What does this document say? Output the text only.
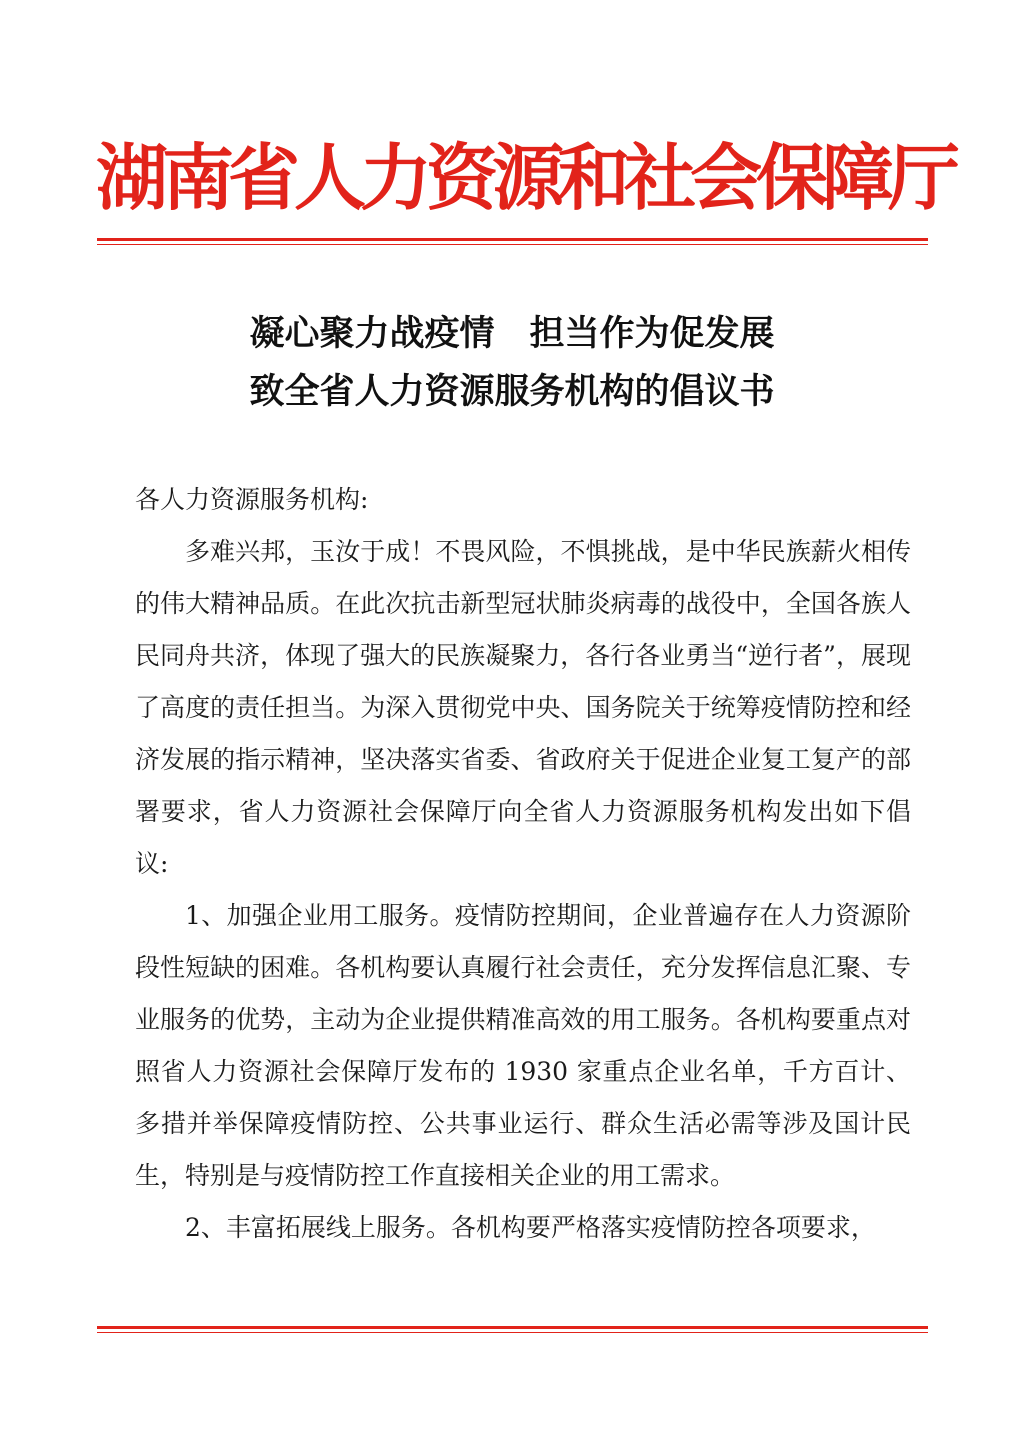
湖南省人力资源和社会保障厅
凝心聚力战疫情　担当作为促发展
致全省人力资源服务机构的倡议书

各人力资源服务机构:

多难兴邦，玉汝于成！不畏风险，不惧挑战，是中华民族薪火相传的伟大精神品质。在此次抗击新型冠状肺炎病毒的战役中，全国各族人民同舟共济，体现了强大的民族凝聚力，各行各业勇当“逆行者”，展现了高度的责任担当。为深入贯彻党中央、国务院关于统筹疫情防控和经济发展的指示精神，坚决落实省委、省政府关于促进企业复工复产的部署要求，省人力资源社会保障厅向全省人力资源服务机构发出如下倡议:

1、加强企业用工服务。疫情防控期间，企业普遍存在人力资源阶段性短缺的困难。各机构要认真履行社会责任，充分发挥信息汇聚、专业服务的优势，主动为企业提供精准高效的用工服务。各机构要重点对照省人力资源社会保障厅发布的 1930 家重点企业名单，千方百计、多措并举保障疫情防控、公共事业运行、群众生活必需等涉及国计民生，特别是与疫情防控工作直接相关企业的用工需求。

2、丰富拓展线上服务。各机构要严格落实疫情防控各项要求，
